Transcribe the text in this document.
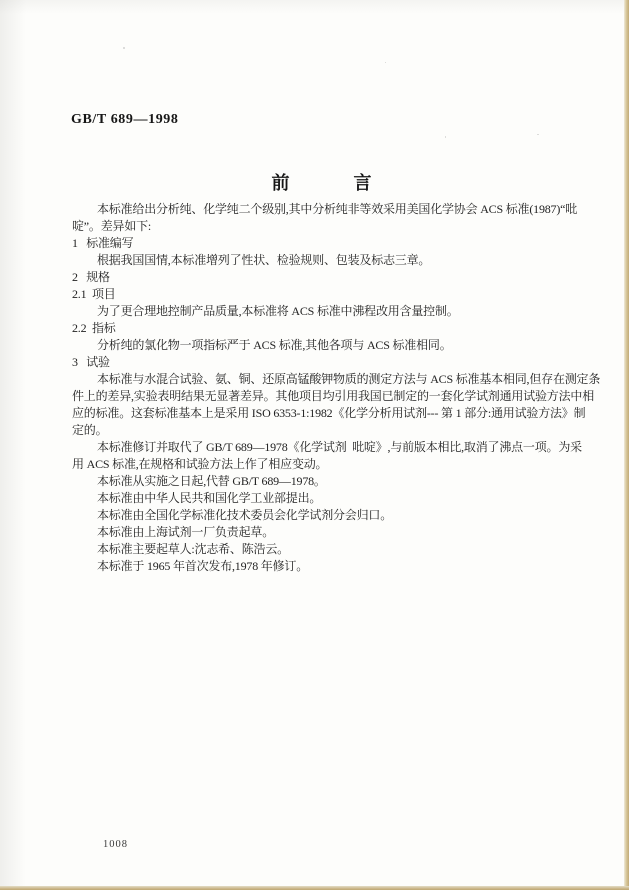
GB/T 689—1998
前 言
本标准给出分析纯、化学纯二个级别,其中分析纯非等效采用美国化学协会 ACS 标准(1987)“吡
啶”。差异如下:
1   标准编写
根据我国国情,本标准增列了性状、检验规则、包装及标志三章。
2   规格
2.1  项目
为了更合理地控制产品质量,本标准将 ACS 标准中沸程改用含量控制。
2.2  指标
分析纯的氯化物一项指标严于 ACS 标准,其他各项与 ACS 标准相同。
3   试验
本标准与水混合试验、氨、铜、还原高锰酸钾物质的测定方法与 ACS 标准基本相同,但存在测定条
件上的差异,实验表明结果无显著差异。其他项目均引用我国已制定的一套化学试剂通用试验方法中相
应的标准。这套标准基本上是采用 ISO 6353-1:1982《化学分析用试剂--- 第 1 部分:通用试验方法》制
定的。
本标准修订并取代了 GB/T 689—1978《化学试剂  吡啶》,与前版本相比,取消了沸点一项。为采
用 ACS 标准,在规格和试验方法上作了相应变动。
本标准从实施之日起,代替 GB/T 689—1978。
本标准由中华人民共和国化学工业部提出。
本标准由全国化学标准化技术委员会化学试剂分会归口。
本标准由上海试剂一厂负责起草。
本标准主要起草人:沈志希、陈浩云。
本标准于 1965 年首次发布,1978 年修订。
1008
